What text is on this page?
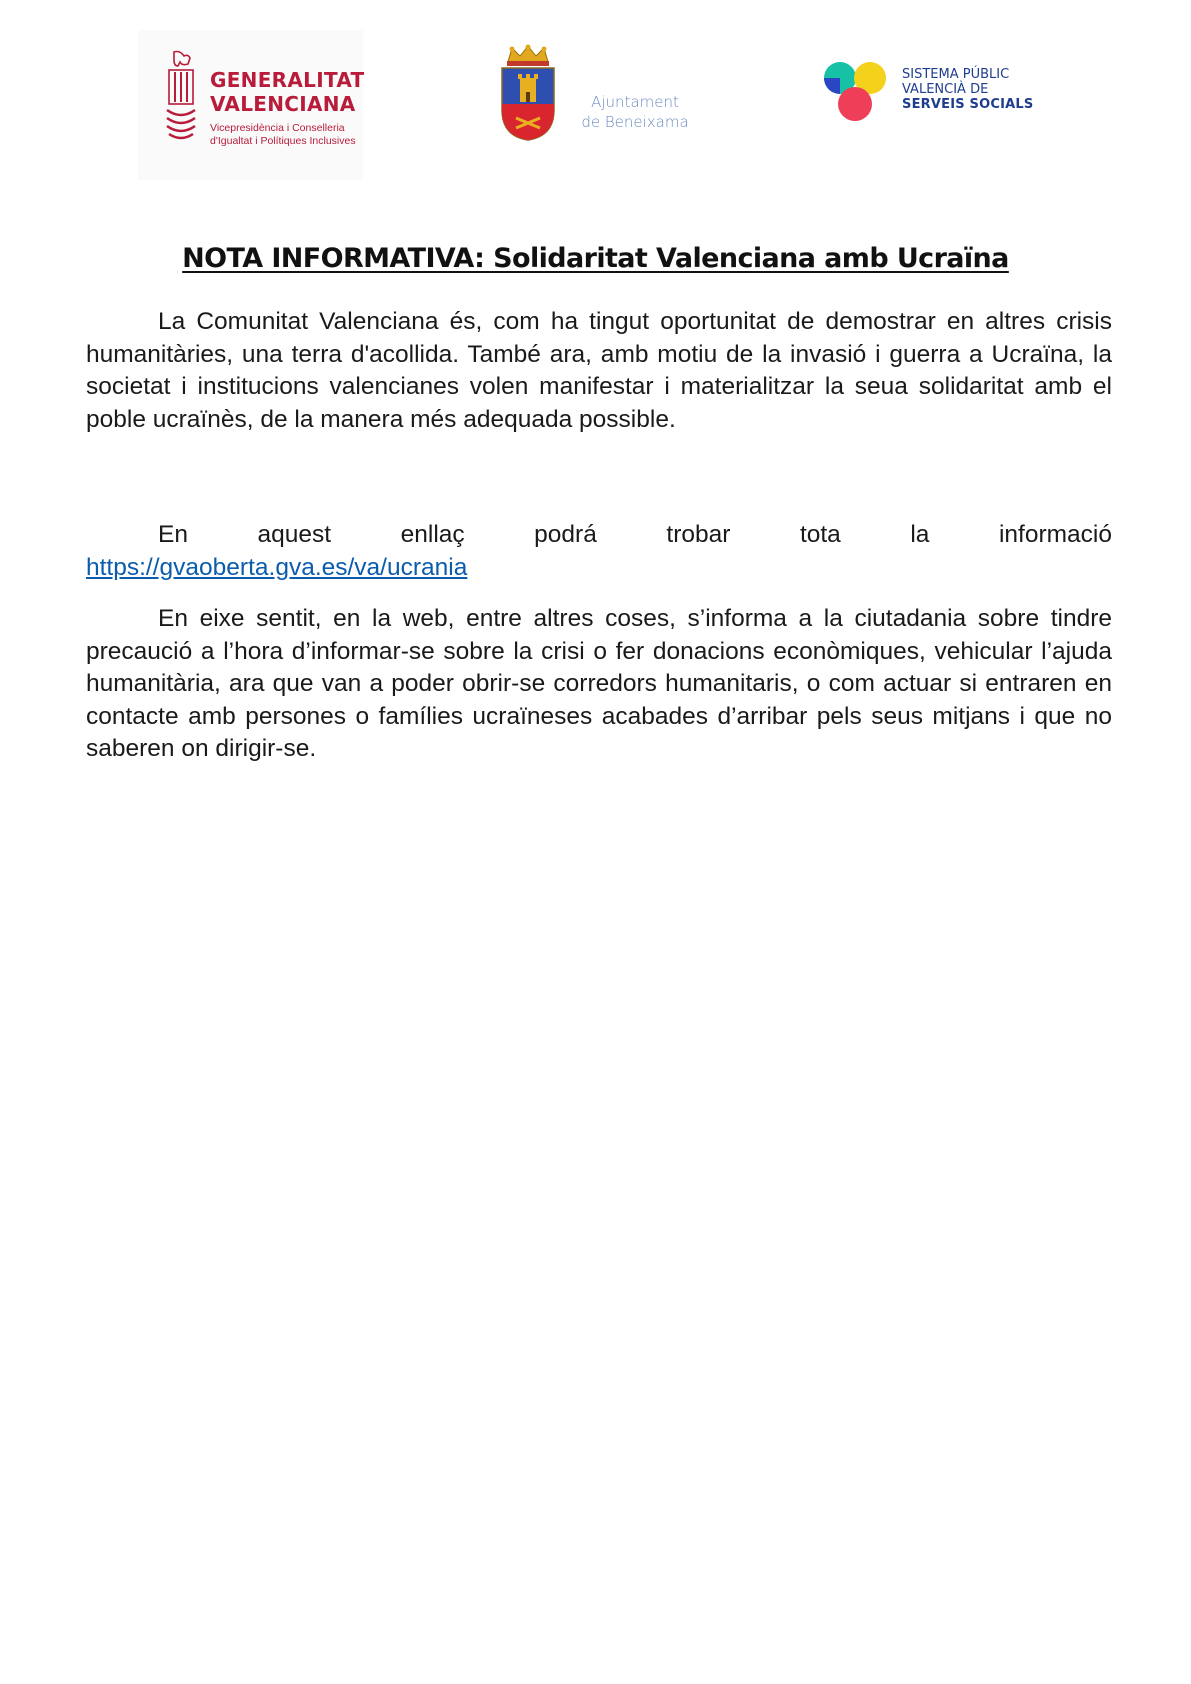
GENERALITAT
VALENCIANA
Vicepresidència i Conselleria
d'Igualtat i Polítiques Inclusives
Ajuntament
de Beneixama
SISTEMA PÚBLIC
VALENCIÀ DE
SERVEIS SOCIALS
NOTA INFORMATIVA: Solidaritat Valenciana amb Ucraïna

La Comunitat Valenciana és, com ha tingut oportunitat de demostrar en altres crisis humanitàries, una terra d'acollida. També ara, amb motiu de la invasió i guerra a Ucraïna, la societat i institucions valencianes volen manifestar i materialitzar la seua solidaritat amb el poble ucraïnès, de la manera més adequada possible.

En aquest enllaç podrá trobar tota la informació
https://gvaoberta.gva.es/va/ucrania

En eixe sentit, en la web, entre altres coses, s’informa a la ciutadania sobre tindre precaució a l’hora d’informar-se sobre la crisi o fer donacions econòmiques, vehicular l’ajuda humanitària, ara que van a poder obrir-se corredors humanitaris, o com actuar si entraren en contacte amb persones o famílies ucraïneses acabades d’arribar pels seus mitjans i que no saberen on dirigir-se.
